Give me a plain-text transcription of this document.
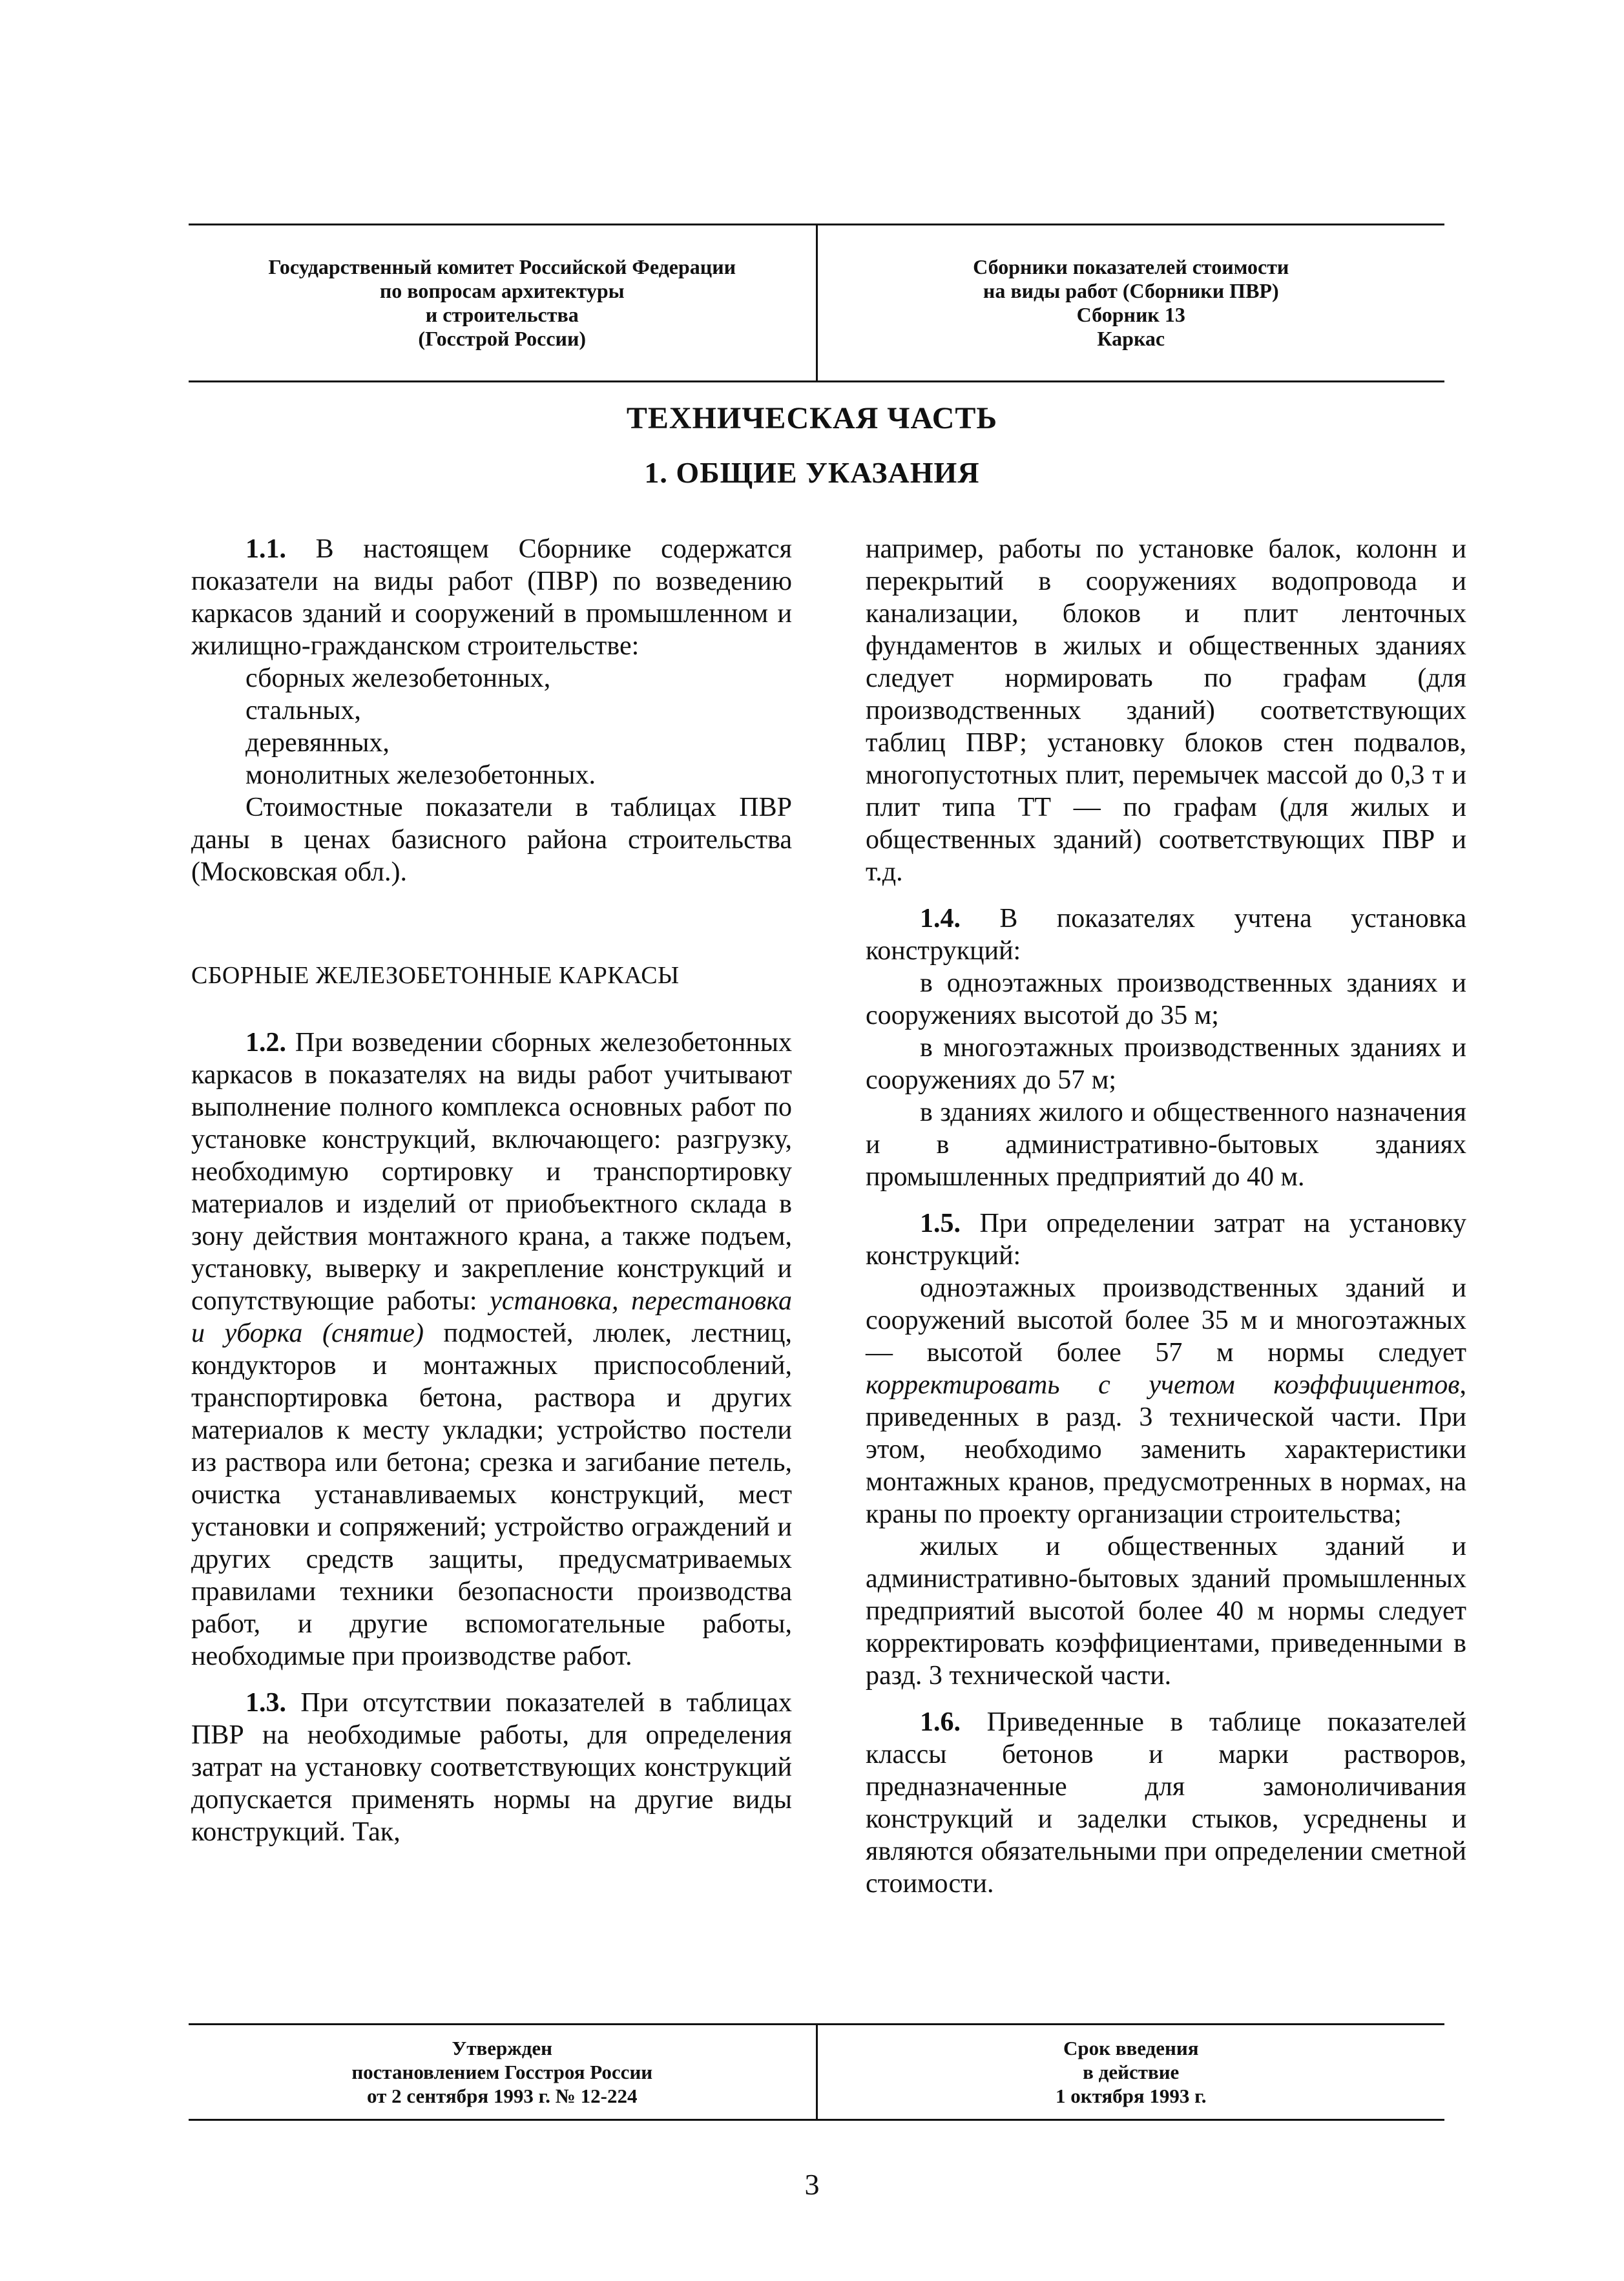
Государственный комитет Российской Федерации
по вопросам архитектуры
и строительства
(Госстрой России)
Сборники показателей стоимости
на виды работ (Сборники ПВР)
Сборник 13
Каркас
ТЕХНИЧЕСКАЯ ЧАСТЬ
1. ОБЩИЕ УКАЗАНИЯ

1.1. В настоящем Сборнике содержатся показатели на виды работ (ПВР) по возведению каркасов зданий и сооружений в промышленном и жилищно-гражданском строительстве:

сборных железобетонных,

стальных,

деревянных,

монолитных железобетонных.

Стоимостные показатели в таблицах ПВР даны в ценах базисного района строительства (Московская обл.).

СБОРНЫЕ ЖЕЛЕЗОБЕТОННЫЕ КАРКАСЫ

1.2. При возведении сборных железобетонных каркасов в показателях на виды работ учитывают выполнение полного комплекса основных работ по установке конструкций, включающего: разгрузку, необходимую сортировку и транспортировку материалов и изделий от приобъектного склада в зону действия монтажного крана, а также подъем, установку, выверку и закрепление конструкций и сопутствующие работы: установка, перестановка и уборка (снятие) подмостей, люлек, лестниц, кондукторов и монтажных приспособлений, транспортировка бетона, раствора и других материалов к месту укладки; устройство постели из раствора или бетона; срезка и загибание петель, очистка устанавливаемых конструкций, мест установки и сопряжений; устройство ограждений и других средств защиты, предусматриваемых правилами техники безопасности производства работ, и другие вспомогательные работы, необходимые при производстве работ.

1.3. При отсутствии показателей в таблицах ПВР на необходимые работы, для определения затрат на установку соответствующих конструкций допускается применять нормы на другие виды конструкций. Так,

например, работы по установке балок, колонн и перекрытий в сооружениях водопровода и канализации, блоков и плит ленточных фундаментов в жилых и общественных зданиях следует нормировать по графам (для производственных зданий) соответствующих таблиц ПВР; установку блоков стен подвалов, многопустотных плит, перемычек массой до 0,3 т и плит типа ТТ — по графам (для жилых и общественных зданий) соответствующих ПВР и т.д.

1.4. В показателях учтена установка конструкций:

в одноэтажных производственных зданиях и сооружениях высотой до 35 м;

в многоэтажных производственных зданиях и сооружениях до 57 м;

в зданиях жилого и общественного назначения и в административно-бытовых зданиях промышленных предприятий до 40 м.

1.5. При определении затрат на установку конструкций:

одноэтажных производственных зданий и сооружений высотой более 35 м и многоэтажных — высотой более 57 м нормы следует корректировать с учетом коэффициентов, приведенных в разд. 3 технической части. При этом, необходимо заменить характеристики монтажных кранов, предусмотренных в нормах, на краны по проекту организации строительства;

жилых и общественных зданий и административно-бытовых зданий промышленных предприятий высотой более 40 м нормы следует корректировать коэффициентами, приведенными в разд. 3 технической части.

1.6. Приведенные в таблице показателей классы бетонов и марки растворов, предназначенные для замоноличивания конструкций и заделки стыков, усреднены и являются обязательными при определении сметной стоимости.

Утвержден
постановлением Госстроя России
от 2 сентября 1993 г. № 12-224
Срок введения
в действие
1 октября 1993 г.
3
